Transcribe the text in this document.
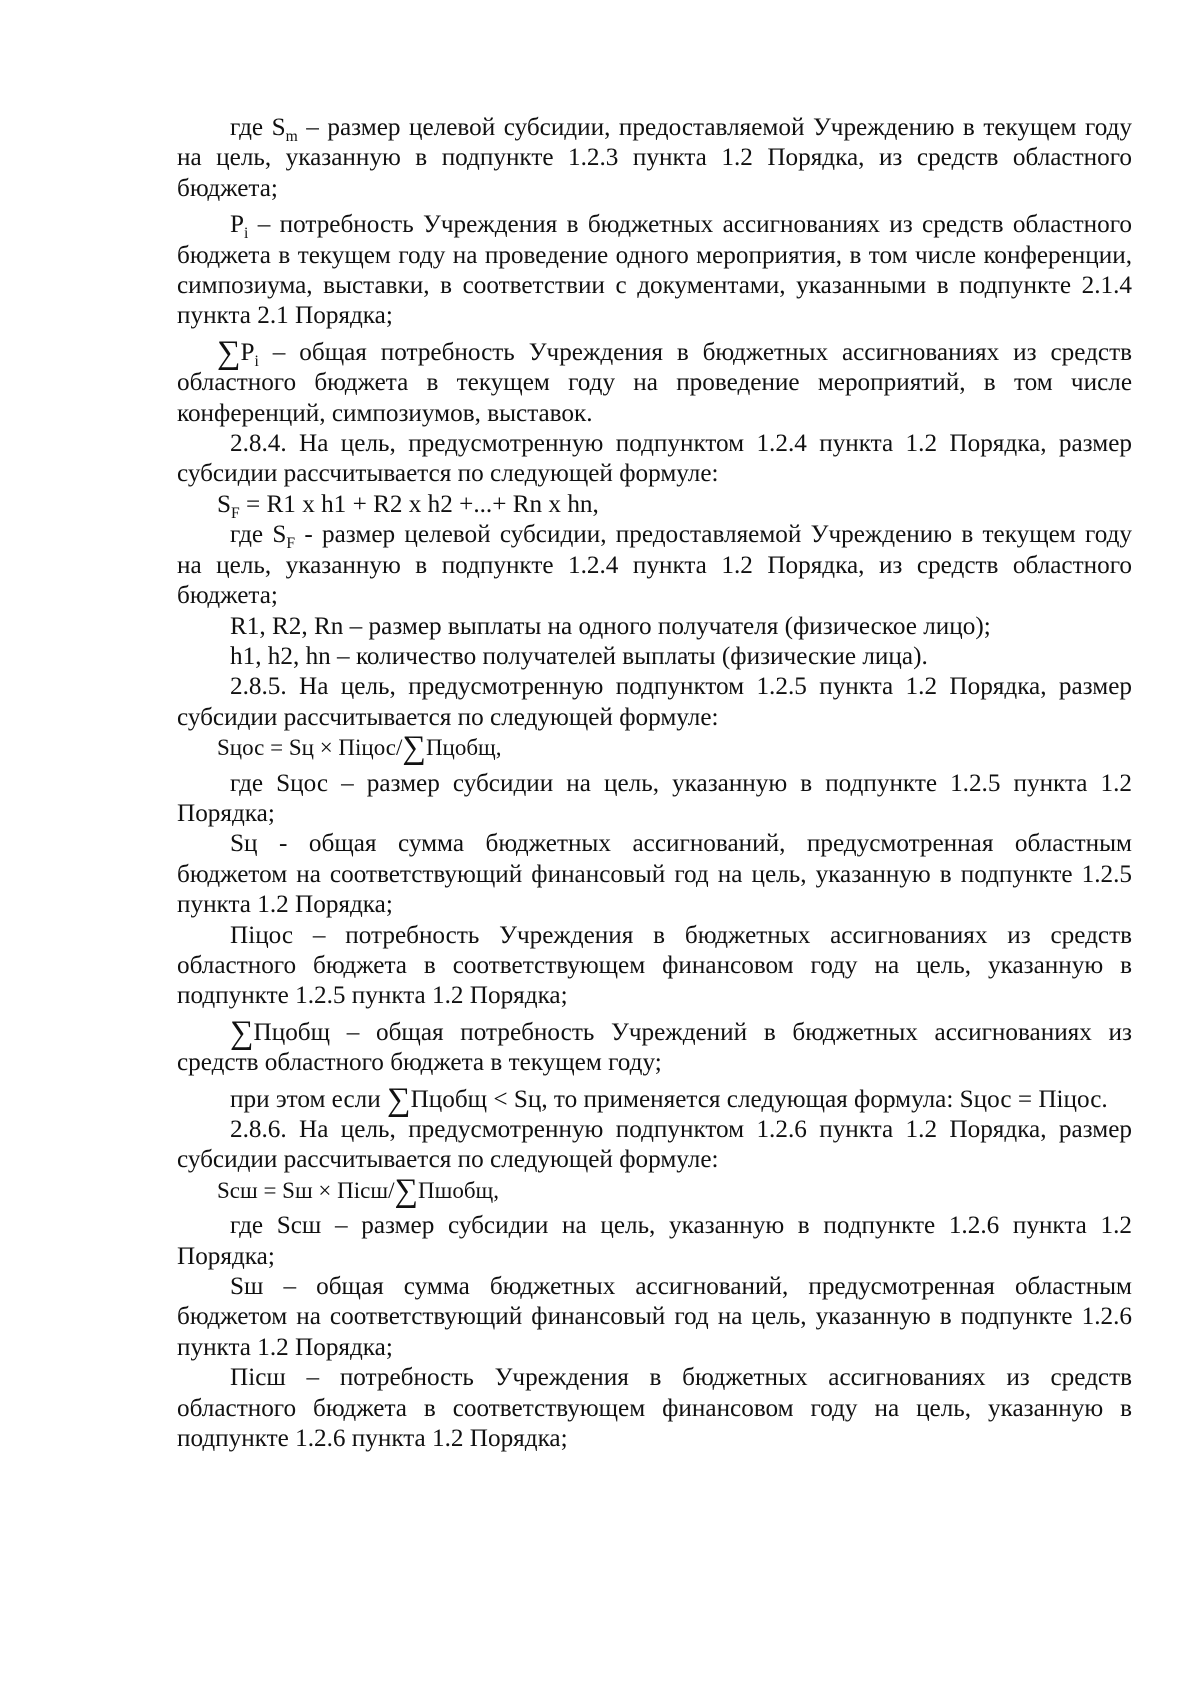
где $S_m$ – размер целевой субсидии, предоставляемой Учреждению в текущем году на цель, указанную в подпункте 1.2.3 пункта 1.2 Порядка, из средств областного бюджета;

$P_i$ – потребность Учреждения в бюджетных ассигнованиях из средств областного бюджета в текущем году на проведение одного мероприятия, в том числе конференции, симпозиума, выставки, в соответствии с документами, указанными в подпункте 2.1.4 пункта 2.1 Порядка;

$\sum P_i$ – общая потребность Учреждения в бюджетных ассигнованиях из средств областного бюджета в текущем году на проведение мероприятий, в том числе конференций, симпозиумов, выставок.

2.8.4. На цель, предусмотренную подпунктом 1.2.4 пункта 1.2 Порядка, размер субсидии рассчитывается по следующей формуле:

$S_F = R1$ x h1 + R2 x h2 +...+ Rn x hn,

где $S_F$ - размер целевой субсидии, предоставляемой Учреждению в текущем году на цель, указанную в подпункте 1.2.4 пункта 1.2 Порядка, из средств областного бюджета;

R1, R2, Rn – размер выплаты на одного получателя (физическое лицо);

h1, h2, hn – количество получателей выплаты (физические лица).

2.8.5. На цель, предусмотренную подпунктом 1.2.5 пункта 1.2 Порядка, размер субсидии рассчитывается по следующей формуле:

Sцос = Sц × Пiцос/∑Пцобщ,

где Sцос – размер субсидии на цель, указанную в подпункте 1.2.5 пункта 1.2 Порядка;

Sц - общая сумма бюджетных ассигнований, предусмотренная областным бюджетом на соответствующий финансовый год на цель, указанную в подпункте 1.2.5 пункта 1.2 Порядка;

Пiцос – потребность Учреждения в бюджетных ассигнованиях из средств областного бюджета в соответствующем финансовом году на цель, указанную в подпункте 1.2.5 пункта 1.2 Порядка;

∑Пцобщ – общая потребность Учреждений в бюджетных ассигнованиях из средств областного бюджета в текущем году;

при этом если ∑Пцобщ < Sц, то применяется следующая формула: Sцос = Пiцос.

2.8.6. На цель, предусмотренную подпунктом 1.2.6 пункта 1.2 Порядка, размер субсидии рассчитывается по следующей формуле:

Sсш = Sш × Пiсш/∑Пшобщ,

где Sсш – размер субсидии на цель, указанную в подпункте 1.2.6 пункта 1.2 Порядка;

Sш – общая сумма бюджетных ассигнований, предусмотренная областным бюджетом на соответствующий финансовый год на цель, указанную в подпункте 1.2.6 пункта 1.2 Порядка;

Пiсш – потребность Учреждения в бюджетных ассигнованиях из средств областного бюджета в соответствующем финансовом году на цель, указанную в подпункте 1.2.6 пункта 1.2 Порядка;
